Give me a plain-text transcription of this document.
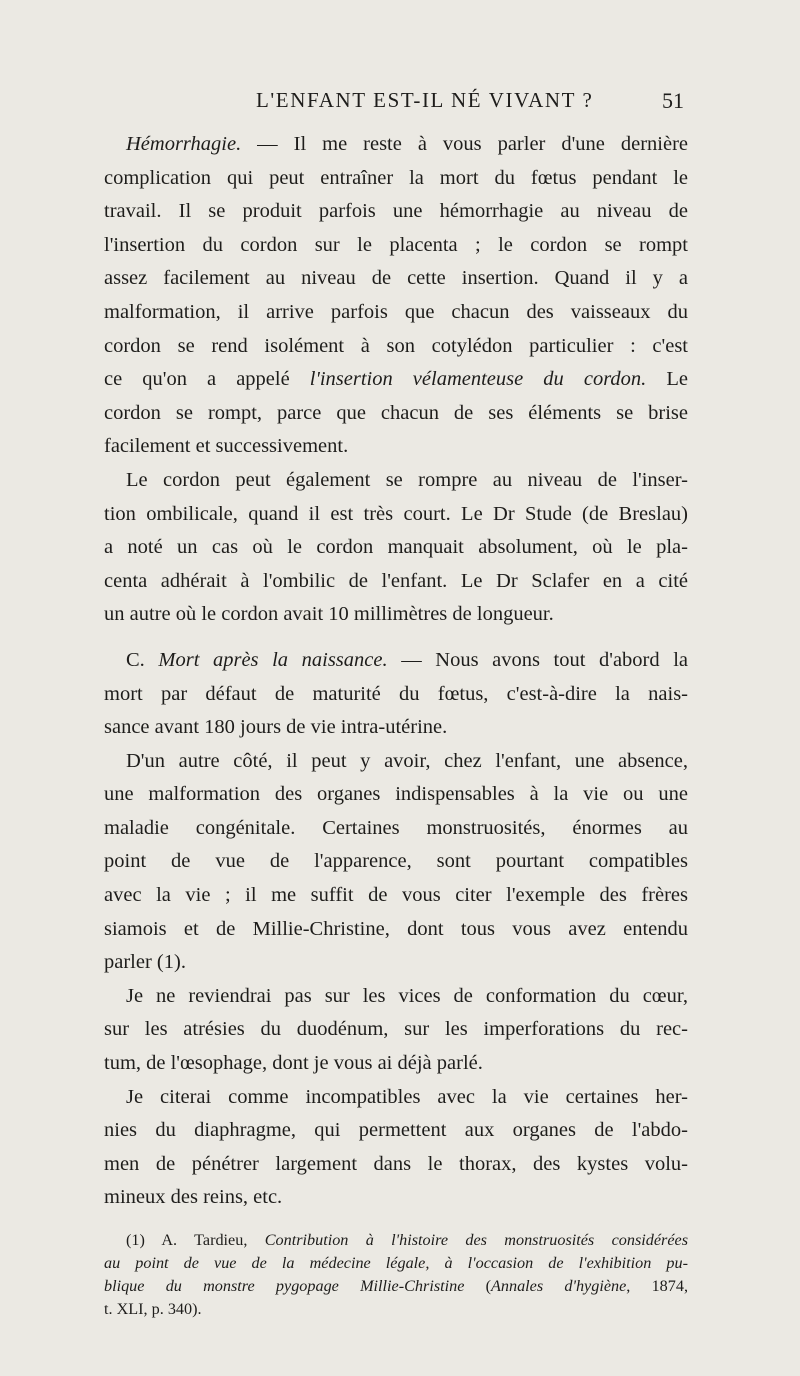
L'ENFANT EST-IL NÉ VIVANT ?	51
Hémorrhagie. — Il me reste à vous parler d'une dernière
complication qui peut entraîner la mort du fœtus pendant le
travail. Il se produit parfois une hémorrhagie au niveau de
l'insertion du cordon sur le placenta ; le cordon se rompt
assez facilement au niveau de cette insertion. Quand il y a
malformation, il arrive parfois que chacun des vaisseaux du
cordon se rend isolément à son cotylédon particulier : c'est
ce qu'on a appelé l'insertion vélamenteuse du cordon. Le
cordon se rompt, parce que chacun de ses éléments se brise
facilement et successivement.
Le cordon peut également se rompre au niveau de l'inser-
tion ombilicale, quand il est très court. Le Dr Stude (de Breslau)
a noté un cas où le cordon manquait absolument, où le pla-
centa adhérait à l'ombilic de l'enfant. Le Dr Sclafer en a cité
un autre où le cordon avait 10 millimètres de longueur.
C. Mort après la naissance. — Nous avons tout d'abord la
mort par défaut de maturité du fœtus, c'est-à-dire la nais-
sance avant 180 jours de vie intra-utérine.
D'un autre côté, il peut y avoir, chez l'enfant, une absence,
une malformation des organes indispensables à la vie ou une
maladie congénitale. Certaines monstruosités, énormes au
point de vue de l'apparence, sont pourtant compatibles
avec la vie ; il me suffit de vous citer l'exemple des frères
siamois et de Millie-Christine, dont tous vous avez entendu
parler (1).
Je ne reviendrai pas sur les vices de conformation du cœur,
sur les atrésies du duodénum, sur les imperforations du rec-
tum, de l'œsophage, dont je vous ai déjà parlé.
Je citerai comme incompatibles avec la vie certaines her-
nies du diaphragme, qui permettent aux organes de l'abdo-
men de pénétrer largement dans le thorax, des kystes volu-
mineux des reins, etc.
(1) A. Tardieu, Contribution à l'histoire des monstruosités considérées
au point de vue de la médecine légale, à l'occasion de l'exhibition pu-
blique du monstre pygopage Millie-Christine (Annales d'hygiène, 1874,
t. XLI, p. 340).
